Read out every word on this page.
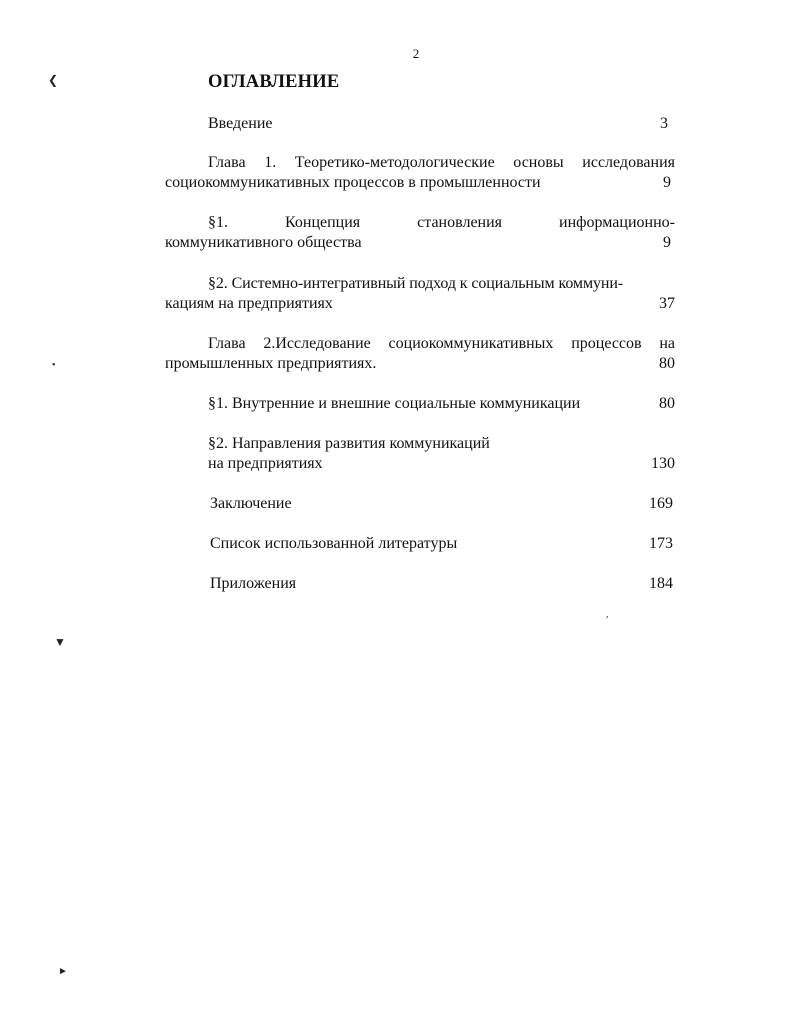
2
ОГЛАВЛЕНИЕ
Введение	3
Глава 1. Теоретико-методологические основы исследования
социокоммуникативных процессов в промышленности	9
§1.	Концепция	становления	информационно-
коммуникативного общества	9
§2. Системно-интегративный подход к социальным коммуни-
кациям на предприятиях	37
Глава 2.Исследование социокоммуникативных процессов на
промышленных предприятиях.	80
§1. Внутренние и внешние социальные коммуникации	80
§2. Направления развития коммуникаций
на предприятиях	130
Заключение	169
Список использованной литературы	173
Приложения	184
❮
•
▼
►
′
